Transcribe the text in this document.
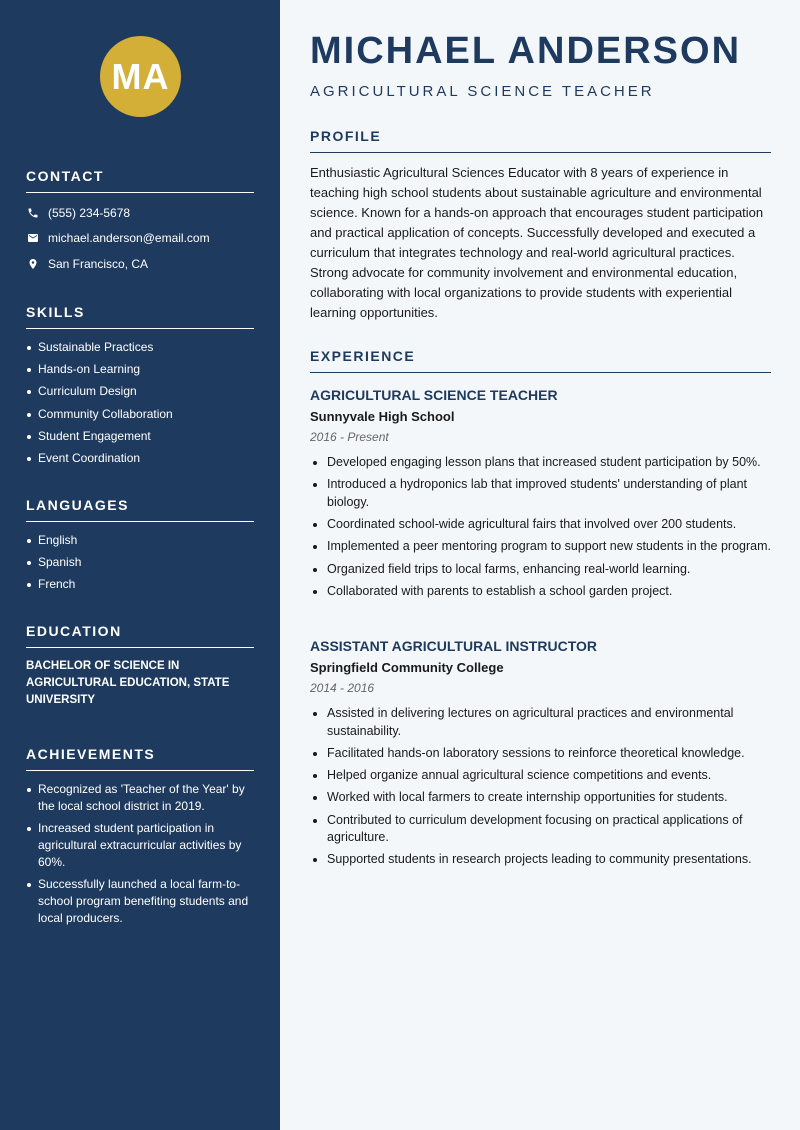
MA
CONTACT
(555) 234-5678
michael.anderson@email.com
San Francisco, CA
SKILLS
Sustainable Practices
Hands-on Learning
Curriculum Design
Community Collaboration
Student Engagement
Event Coordination
LANGUAGES
English
Spanish
French
EDUCATION
BACHELOR OF SCIENCE IN AGRICULTURAL EDUCATION, STATE UNIVERSITY
ACHIEVEMENTS
Recognized as 'Teacher of the Year' by the local school district in 2019.
Increased student participation in agricultural extracurricular activities by 60%.
Successfully launched a local farm-to-school program benefiting students and local producers.
MICHAEL ANDERSON
AGRICULTURAL SCIENCE TEACHER
PROFILE

Enthusiastic Agricultural Sciences Educator with 8 years of experience in teaching high school students about sustainable agriculture and environmental science. Known for a hands-on approach that encourages student participation and practical application of concepts. Successfully developed and executed a curriculum that integrates technology and real-world agricultural practices. Strong advocate for community involvement and environmental education, collaborating with local organizations to provide students with experiential learning opportunities.

EXPERIENCE
AGRICULTURAL SCIENCE TEACHER
Sunnyvale High School
2016 - Present
Developed engaging lesson plans that increased student participation by 50%.
Introduced a hydroponics lab that improved students' understanding of plant biology.
Coordinated school-wide agricultural fairs that involved over 200 students.
Implemented a peer mentoring program to support new students in the program.
Organized field trips to local farms, enhancing real-world learning.
Collaborated with parents to establish a school garden project.
ASSISTANT AGRICULTURAL INSTRUCTOR
Springfield Community College
2014 - 2016
Assisted in delivering lectures on agricultural practices and environmental sustainability.
Facilitated hands-on laboratory sessions to reinforce theoretical knowledge.
Helped organize annual agricultural science competitions and events.
Worked with local farmers to create internship opportunities for students.
Contributed to curriculum development focusing on practical applications of agriculture.
Supported students in research projects leading to community presentations.
